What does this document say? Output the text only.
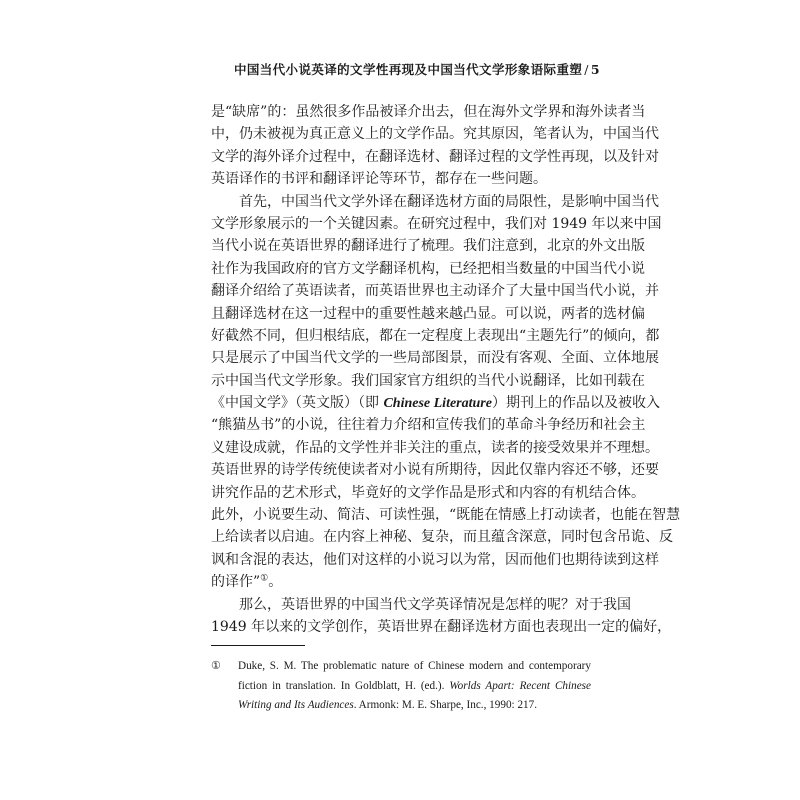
中国当代小说英译的文学性再现及中国当代文学形象语际重塑 / 5
是“缺席”的：虽然很多作品被译介出去，但在海外文学界和海外读者当
中，仍未被视为真正意义上的文学作品。究其原因，笔者认为，中国当代
文学的海外译介过程中，在翻译选材、翻译过程的文学性再现，以及针对
英语译作的书评和翻译评论等环节，都存在一些问题。
首先，中国当代文学外译在翻译选材方面的局限性，是影响中国当代
文学形象展示的一个关键因素。在研究过程中，我们对 1949 年以来中国
当代小说在英语世界的翻译进行了梳理。我们注意到，北京的外文出版
社作为我国政府的官方文学翻译机构，已经把相当数量的中国当代小说
翻译介绍给了英语读者，而英语世界也主动译介了大量中国当代小说，并
且翻译选材在这一过程中的重要性越来越凸显。可以说，两者的选材偏
好截然不同，但归根结底，都在一定程度上表现出“主题先行”的倾向，都
只是展示了中国当代文学的一些局部图景，而没有客观、全面、立体地展
示中国当代文学形象。我们国家官方组织的当代小说翻译，比如刊载在
《中国文学》（英文版）（即 Chinese Literature）期刊上的作品以及被收入
“熊猫丛书”的小说，往往着力介绍和宣传我们的革命斗争经历和社会主
义建设成就，作品的文学性并非关注的重点，读者的接受效果并不理想。
英语世界的诗学传统使读者对小说有所期待，因此仅靠内容还不够，还要
讲究作品的艺术形式，毕竟好的文学作品是形式和内容的有机结合体。
此外，小说要生动、简洁、可读性强，“既能在情感上打动读者，也能在智慧
上给读者以启迪。在内容上神秘、复杂，而且蕴含深意，同时包含吊诡、反
讽和含混的表达，他们对这样的小说习以为常，因而他们也期待读到这样
的译作”①。
那么，英语世界的中国当代文学英译情况是怎样的呢？对于我国
1949 年以来的文学创作，英语世界在翻译选材方面也表现出一定的偏好，
① Duke, S. M. The problematic nature of Chinese modern and contemporary
fiction in translation. In Goldblatt, H. (ed.). Worlds Apart: Recent Chinese
Writing and Its Audiences. Armonk: M. E. Sharpe, Inc., 1990: 217.
